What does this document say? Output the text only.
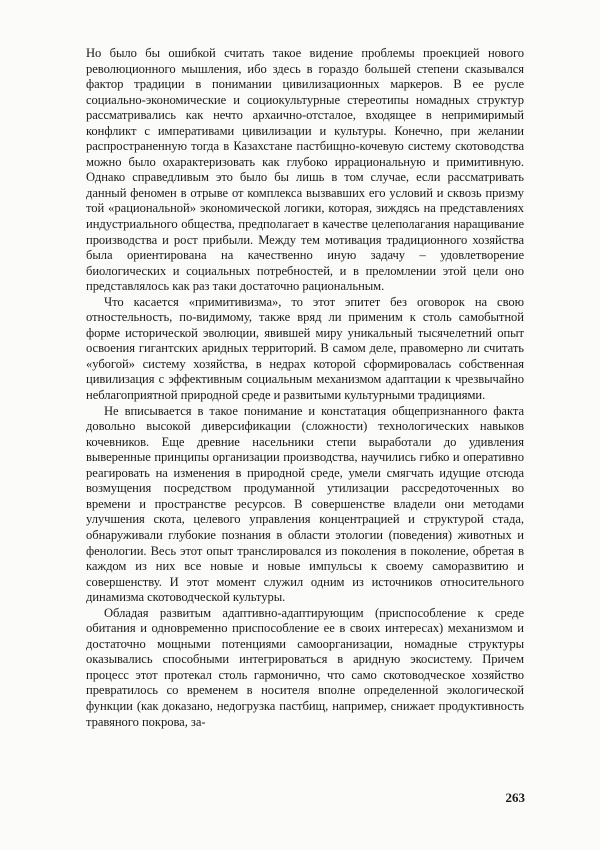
Но было бы ошибкой считать такое видение проблемы проекцией нового революционного мышления, ибо здесь в гораздо большей степени сказывался фактор традиции в понимании цивилизационных маркеров. В ее русле социально-экономические и социокультурные стереотипы номадных структур рассматривались как нечто архаично-отсталое, входящее в непримиримый конфликт с императивами цивилизации и культуры. Конечно, при желании распространенную тогда в Казахстане пастбищно-кочевую систему скотоводства можно было охарактеризовать как глубоко иррациональную и примитивную. Однако справедливым это было бы лишь в том случае, если рассматривать данный феномен в отрыве от комплекса вызвавших его условий и сквозь призму той «рациональной» экономической логики, которая, зиждясь на представлениях индустриального общества, предполагает в качестве целеполагания наращивание производства и рост прибыли. Между тем мотивация традиционного хозяйства была ориентирована на качественно иную задачу – удовлетворение биологических и социальных потребностей, и в преломлении этой цели оно представлялось как раз таки достаточно рациональным.

Что касается «примитивизма», то этот эпитет без оговорок на свою отностельность, по-видимому, также вряд ли применим к столь самобытной форме исторической эволюции, явившей миру уникальный тысячелетний опыт освоения гигантских аридных территорий. В самом деле, правомерно ли считать «убогой» систему хозяйства, в недрах которой сформировалась собственная цивилизация с эффективным социальным механизмом адаптации к чрезвычайно неблагоприятной природной среде и развитыми культурными традициями.

Не вписывается в такое понимание и констатация общепризнанного факта довольно высокой диверсификации (сложности) технологических навыков кочевников. Еще древние насельники степи выработали до удивления выверенные принципы организации производства, научились гибко и оперативно реагировать на изменения в природной среде, умели смягчать идущие отсюда возмущения посредством продуманной утилизации рассредоточенных во времени и пространстве ресурсов. В совершенстве владели они методами улучшения скота, целевого управления концентрацией и структурой стада, обнаруживали глубокие познания в области этологии (поведения) животных и фенологии. Весь этот опыт транслировался из поколения в поколение, обретая в каждом из них все новые и новые импульсы к своему саморазвитию и совершенству. И этот момент служил одним из источников относительного динамизма скотоводческой культуры.

Обладая развитым адаптивно-адаптирующим (приспособление к среде обитания и одновременно приспособление ее в своих интересах) механизмом и достаточно мощными потенциями самоорганизации, номадные структуры оказывались способными интегрироваться в аридную экосистему. Причем процесс этот протекал столь гармонично, что само скотоводческое хозяйство превратилось со временем в носителя вполне определенной экологической функции (как доказано, недогрузка пастбищ, например, снижает продуктивность травяного покрова, за-

263
